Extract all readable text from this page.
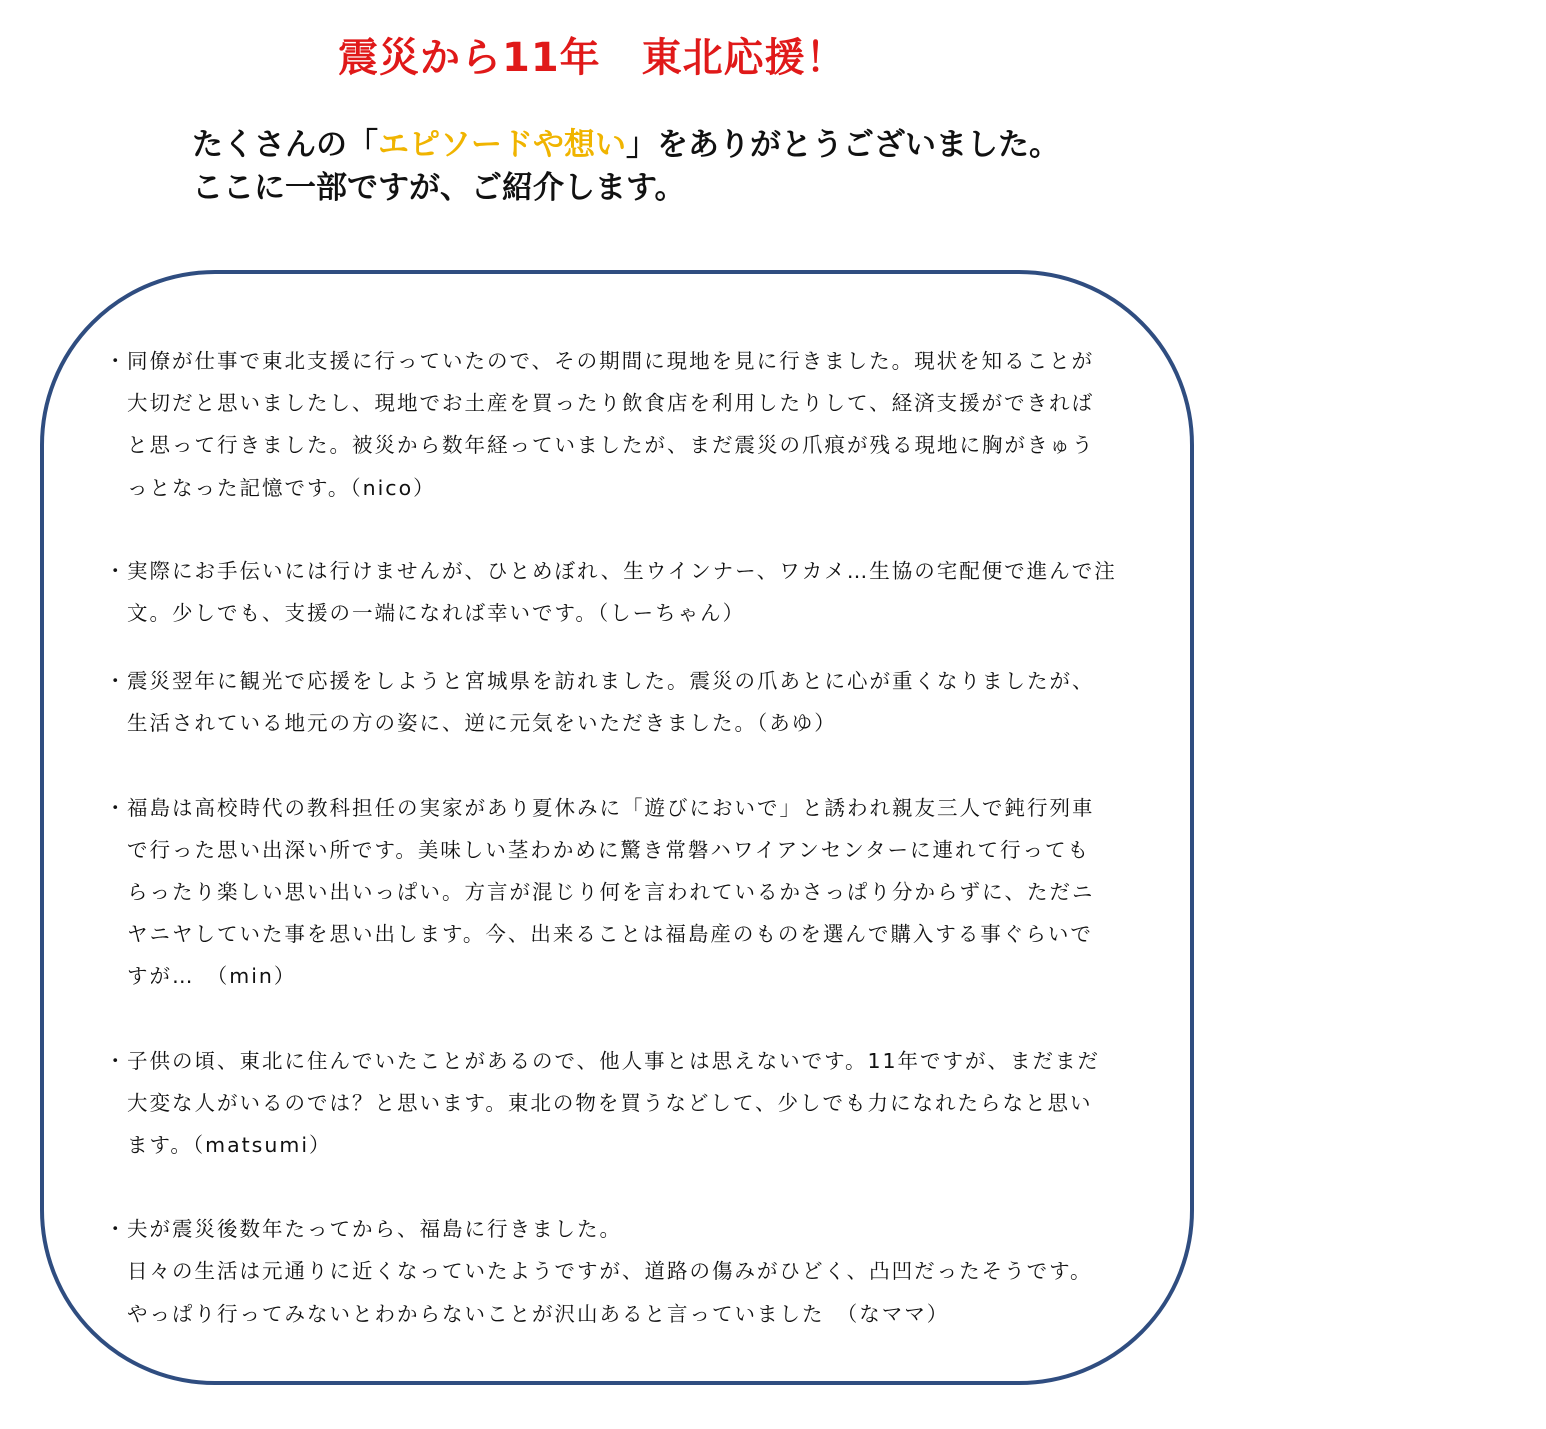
震災から11年　東北応援！
たくさんの「エピソードや想い」をありがとうございました。
ここに一部ですが、ご紹介します。
・ 同僚が仕事で東北支援に行っていたので、その期間に現地を見に行きました。現状を知ることが
大切だと思いましたし、現地でお土産を買ったり飲食店を利用したりして、経済支援ができれば
と思って行きました。被災から数年経っていましたが、まだ震災の爪痕が残る現地に胸がきゅう
っとなった記憶です。（nico）
・ 実際にお手伝いには行けませんが、ひとめぼれ、生ウインナー、ワカメ…生協の宅配便で進んで注
文。少しでも、支援の一端になれば幸いです。（しーちゃん）
・ 震災翌年に観光で応援をしようと宮城県を訪れました。震災の爪あとに心が重くなりましたが、
生活されている地元の方の姿に、逆に元気をいただきました。（あゆ）
・ 福島は高校時代の教科担任の実家があり夏休みに「遊びにおいで」と誘われ親友三人で鈍行列車
で行った思い出深い所です。美味しい茎わかめに驚き常磐ハワイアンセンターに連れて行っても
らったり楽しい思い出いっぱい。方言が混じり何を言われているかさっぱり分からずに、ただニ
ヤニヤしていた事を思い出します。今、出来ることは福島産のものを選んで購入する事ぐらいで
すが…　（min）
・ 子供の頃、東北に住んでいたことがあるので、他人事とは思えないです。11年ですが、まだまだ
大変な人がいるのでは？と思います。東北の物を買うなどして、少しでも力になれたらなと思い
ます。（matsumi）
・ 夫が震災後数年たってから、福島に行きました。
日々の生活は元通りに近くなっていたようですが、道路の傷みがひどく、凸凹だったそうです。
やっぱり行ってみないとわからないことが沢山あると言っていました　（なママ）
